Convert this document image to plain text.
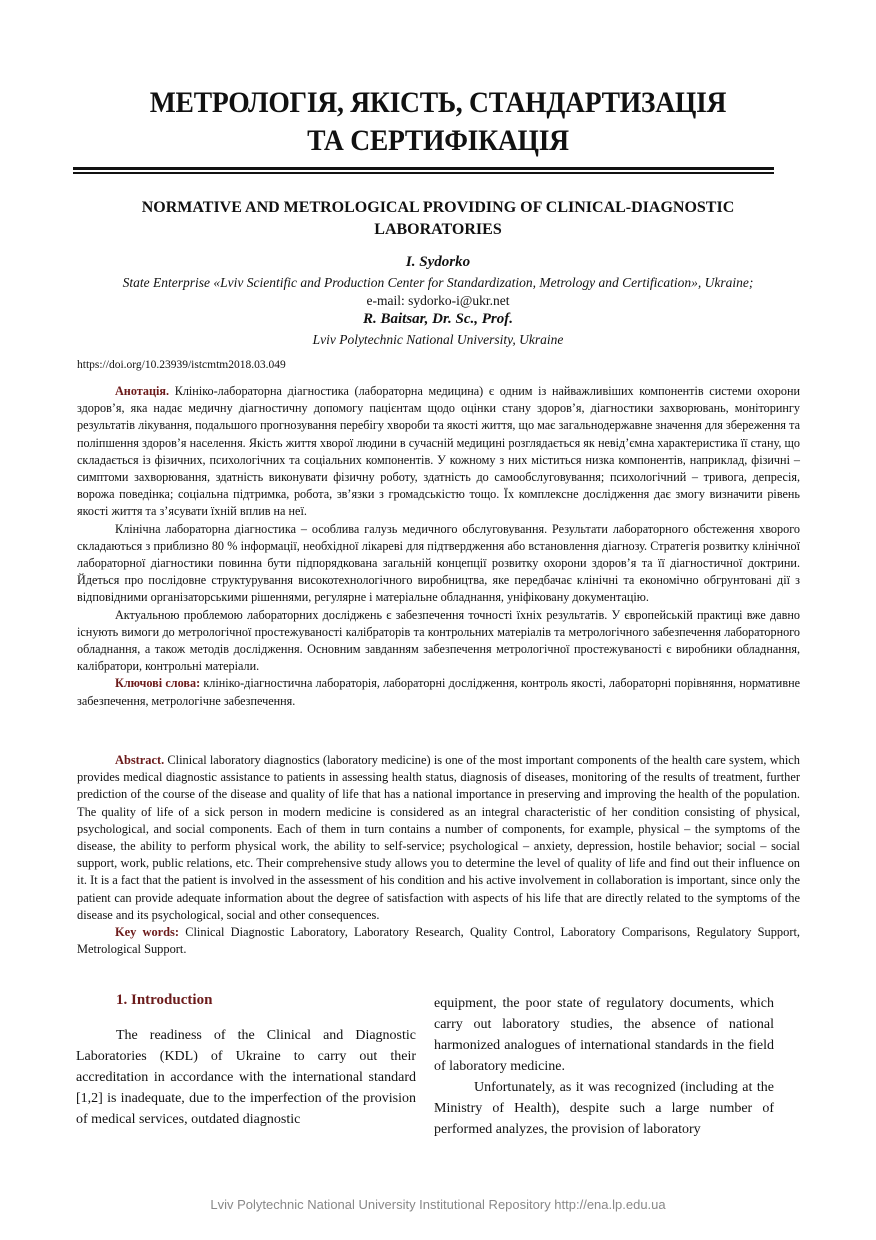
МЕТРОЛОГІЯ, ЯКІСТЬ, СТАНДАРТИЗАЦІЯ
ТА СЕРТИФІКАЦІЯ
NORMATIVE AND METROLOGICAL PROVIDING OF CLINICAL-DIAGNOSTIC LABORATORIES
I. Sydorko
State Enterprise «Lviv Scientific and Production Center for Standardization, Metrology and Certification», Ukraine;
e-mail: sydorko-i@ukr.net
R. Baitsar, Dr. Sc., Prof.
Lviv Polytechnic National University, Ukraine
https://doi.org/10.23939/istcmtm2018.03.049

Анотація. Клініко-лабораторна діагностика (лабораторна медицина) є одним із найважливіших компонентів системи охорони здоров’я, яка надає медичну діагностичну допомогу пацієнтам щодо оцінки стану здоров’я, діагностики захворювань, моніторингу результатів лікування, подальшого прогнозування перебігу хвороби та якості життя, що має загальнодержавне значення для збереження та поліпшення здоров’я населення. Якість життя хворої людини в сучасній медицині розглядається як невід’ємна характеристика її стану, що складається із фізичних, психологічних та соціальних компонентів. У кожному з них міститься низка компонентів, наприклад, фізичні – симптоми захворювання, здатність виконувати фізичну роботу, здатність до самообслуговування; психологічний – тривога, депресія, ворожа поведінка; соціальна підтримка, робота, зв’язки з громадськістю тощо. Їх комплексне дослідження дає змогу визначити рівень якості життя та з’ясувати їхній вплив на неї.

Клінічна лабораторна діагностика – особлива галузь медичного обслуговування. Результати лабораторного обстеження хворого складаються з приблизно 80 % інформації, необхідної лікареві для підтвердження або встановлення діагнозу. Стратегія розвитку клінічної лабораторної діагностики повинна бути підпорядкована загальній концепції розвитку охорони здоров’я та її діагностичної доктрини. Йдеться про послідовне структурування високотехнологічного виробництва, яке передбачає клінічні та економічно обгрунтовані дії з відповідними організаторськими рішеннями, регулярне і матеріальне обладнання, уніфіковану документацію.

Актуальною проблемою лабораторних досліджень є забезпечення точності їхніх результатів. У європейській практиці вже давно існують вимоги до метрологічної простежуваності калібраторів та контрольних матеріалів та метрологічного забезпечення лабораторного обладнання, а також методів дослідження. Основним завданням забезпечення метрологічної простежуваності є виробники обладнання, калібратори, контрольні матеріали.

Ключові слова: клініко-діагностична лабораторія, лабораторні дослідження, контроль якості, лабораторні порівняння, нормативне забезпечення, метрологічне забезпечення.

Abstract. Clinical laboratory diagnostics (laboratory medicine) is one of the most important components of the health care system, which provides medical diagnostic assistance to patients in assessing health status, diagnosis of diseases, monitoring of the results of treatment, further prediction of the course of the disease and quality of life that has a national importance in preserving and improving the health of the population. The quality of life of a sick person in modern medicine is considered as an integral characteristic of her condition consisting of physical, psychological, and social components. Each of them in turn contains a number of components, for example, physical – the symptoms of the disease, the ability to perform physical work, the ability to self-service; psychological – anxiety, depression, hostile behavior; social – social support, work, public relations, etc. Their comprehensive study allows you to determine the level of quality of life and find out their influence on it. It is a fact that the patient is involved in the assessment of his condition and his active involvement in collaboration is important, since only the patient can provide adequate information about the degree of satisfaction with aspects of his life that are directly related to the symptoms of the disease and its psychological, social and other consequences.

Key words: Clinical Diagnostic Laboratory, Laboratory Research, Quality Control, Laboratory Comparisons, Regulatory Support, Metrological Support.

1. Introduction

The readiness of the Clinical and Diagnostic Laboratories (KDL) of Ukraine to carry out their accreditation in accordance with the international standard [1,2] is inadequate, due to the imperfection of the provision of medical services, outdated diagnostic

equipment, the poor state of regulatory documents, which carry out laboratory studies, the absence of national harmonized analogues of international standards in the field of laboratory medicine.

Unfortunately, as it was recognized (including at the Ministry of Health), despite such a large number of performed analyzes, the provision of laboratory

Lviv Polytechnic National University Institutional Repository http://ena.lp.edu.ua
